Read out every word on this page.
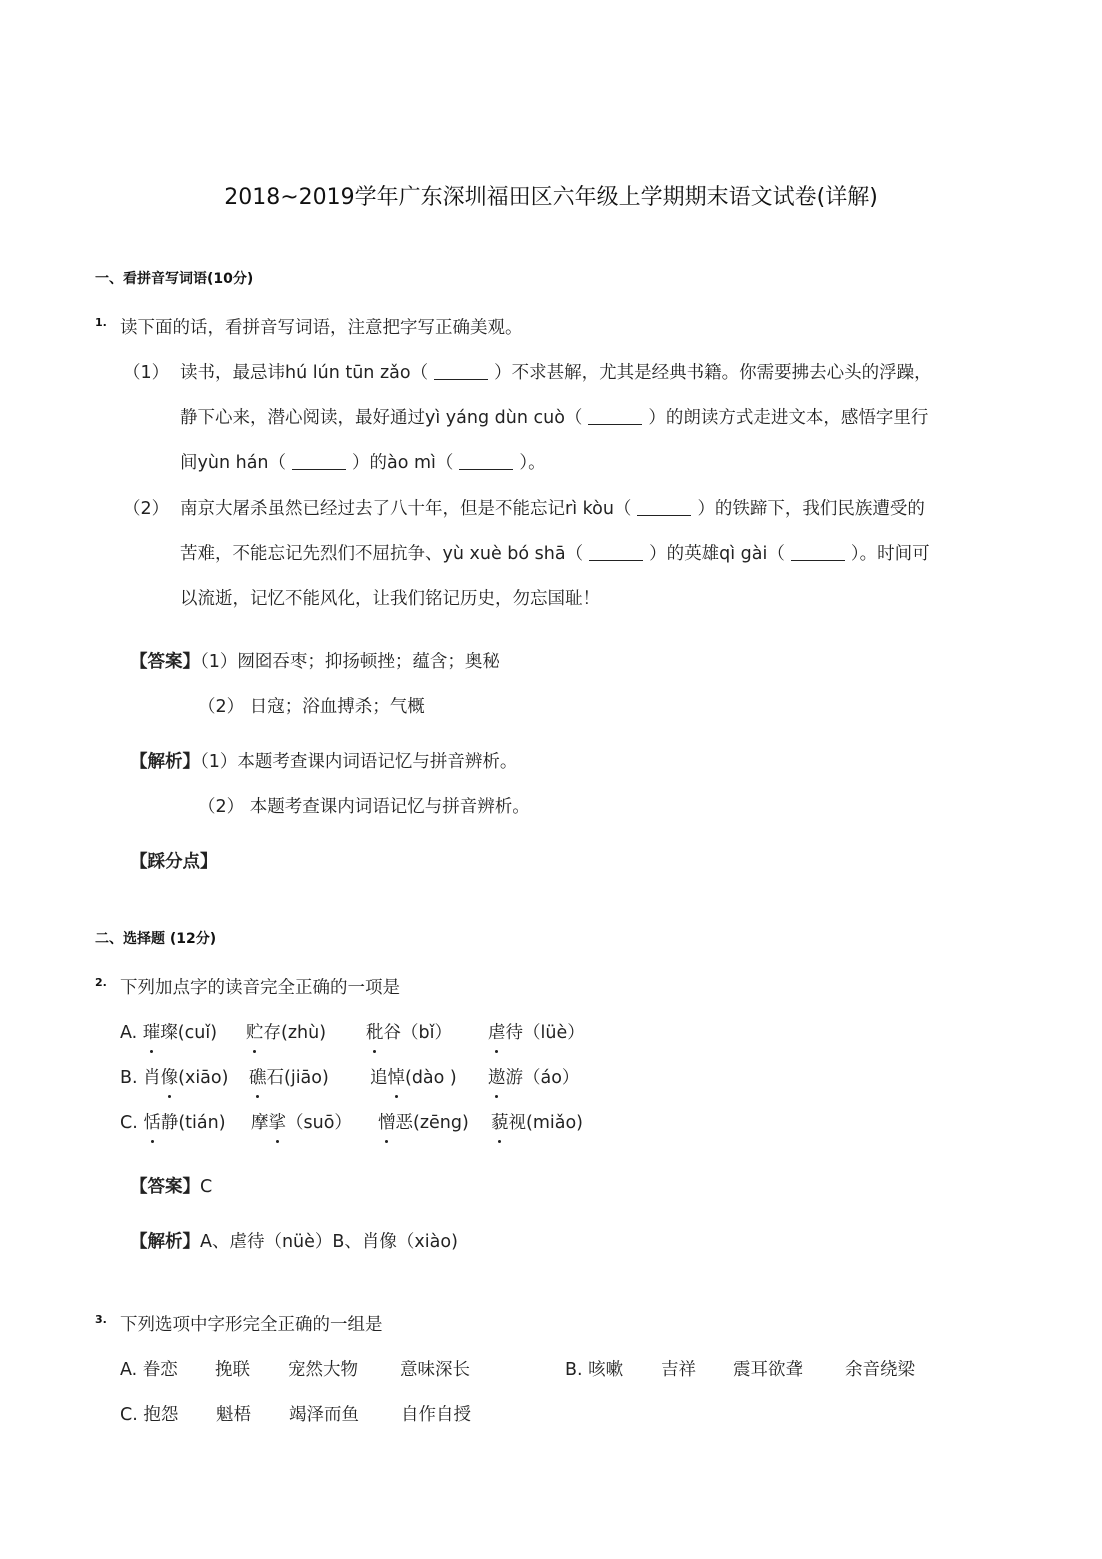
2018~2019学年广东深圳福田区六年级上学期期末语文试卷(详解)
一、看拼音写词语(10分)
1. 读下面的话，看拼音写词语，注意把字写正确美观。
（1） 读书，最忌讳hú lún tūn zǎo（	）不求甚解，尤其是经典书籍。你需要拂去心头的浮躁，
静下心来，潜心阅读，最好通过yì yáng dùn cuò（	）的朗读方式走进文本，感悟字里行
间yùn hán（	）的ào mì（	）。
（2） 南京大屠杀虽然已经过去了八十年，但是不能忘记rì kòu（	）的铁蹄下，我们民族遭受的
苦难，不能忘记先烈们不屈抗争、yù xuè bó shā（	）的英雄qì gài（	）。时间可
以流逝，记忆不能风化，让我们铭记历史，勿忘国耻！
【答案】（1）囫囵吞枣；抑扬顿挫；蕴含；奥秘
（2） 日寇；浴血搏杀；气概
【解析】（1）本题考查课内词语记忆与拼音辨析。
（2） 本题考查课内词语记忆与拼音辨析。
【踩分点】
二、选择题 (12分)
2. 下列加点字的读音完全正确的一项是
A. 璀璨(cuǐ) 贮存(zhù) 秕谷（bǐ） 虐待（lüè）
B. 肖像(xiāo) 礁石(jiāo) 追悼(dào ) 遨游（áo）
C. 恬静(tián) 摩挲（suō） 憎恶(zēng) 藐视(miǎo)
【答案】C
【解析】A、虐待（nüè）B、肖像（xiào)
3. 下列选项中字形完全正确的一组是
A. 眷恋 挽联 宠然大物 意味深长	B. 咳嗽 吉祥 震耳欲聋 余音绕梁
C. 抱怨 魁梧 竭泽而鱼 自作自授
